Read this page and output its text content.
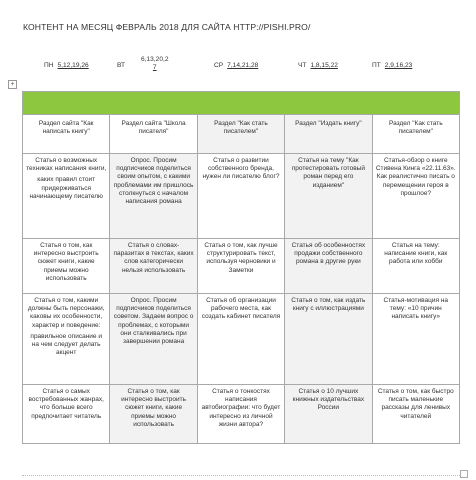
КОНТЕНТ НА МЕСЯЦ ФЕВРАЛЬ 2018 ДЛЯ САЙТА HTTP://PISHI.PRO/
ПН 5,12,19,26	ВТ
6,13,20,2
7	СР 7,14,21,28	ЧТ 1,8,15,22	ПТ 2,9,16,23
+

Раздел сайта "Как написать книгу"	Раздел сайта "Школа писателя"	Раздел "Как стать писателем"	Раздел "Издать книгу"	Раздел "Как стать писателем"

Статья о возможных техниках написания книги,
каких правил стоит придерживаться начинающему писателю	Опрос. Просим подписчиков поделиться своим опытом, с какими проблемами им пришлось столкнуться с началом написания романа	Статья о развитии собственного бренда, нужен ли писателю блог?	Статья на тему "Как протестировать готовый роман перед его изданием"	Статья-обзор о книге Стивена Кинга «22.11.63». Как реалистично писать о перемещении героя в прошлое?

Статья о том, как интересно выстроить сюжет книги, какие приемы можно использовать	Статья о словах-паразитах в текстах, каких слов категорически нельзя использовать	Статья о том, как лучше структурировать текст, используя черновики и Заметки	Статья об особенностях продажи собственного романа в другие руки	Статья на тему: написание книги, как работа или хобби

Статья о том, какими должны быть персонажи, каковы их особенности, характер и поведение:
правильное описание и на чем следует делать акцент	Опрос. Просим подписчиков поделиться советом. Задаем вопрос о проблемах, с которыми они сталкивались при завершении романа	Статья об организации рабочего места, как создать кабинет писателя	Статья о том, как издать книгу с иллюстрациями	Статья-мотивация на тему: «10 причин написать книгу»

Статья о самых востребованных жанрах, что больше всего предпочитает читатель	Статья о том, как интересно выстроить сюжет книги, какие приемы можно использовать	Статья о тонкостях написания автобиографии: что будет интересно из личной жизни автора?	Статья о 10 лучших книжных издательствах России	Статья о том, как быстро писать маленькие рассказы для ленивых читателей
